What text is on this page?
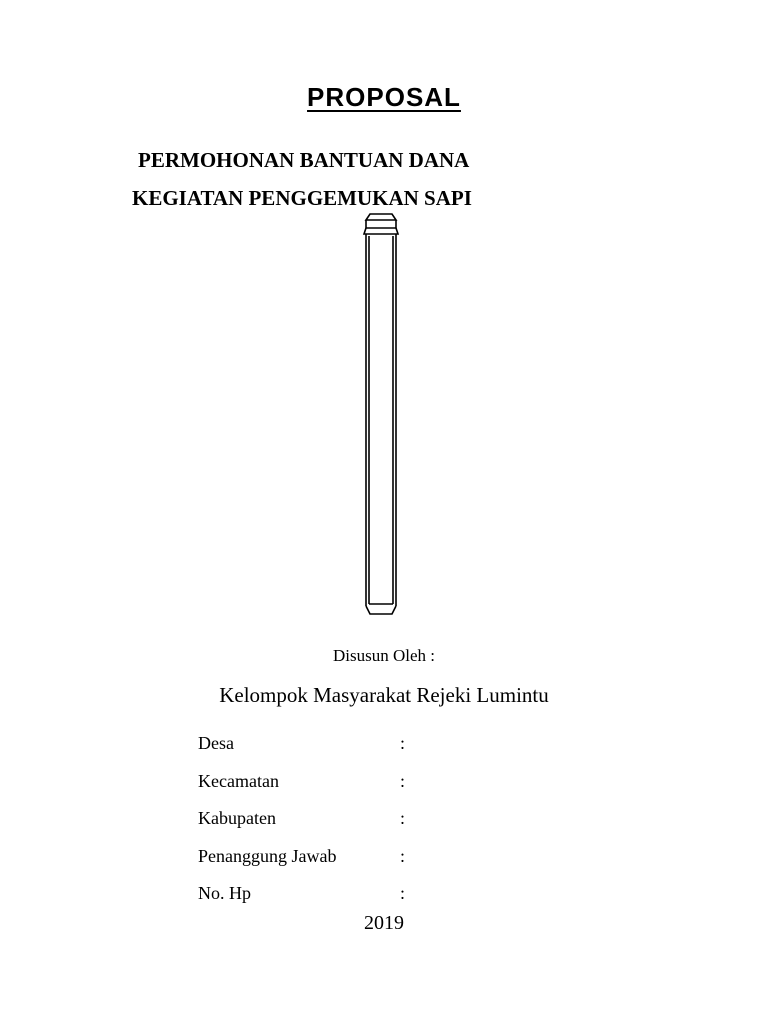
PROPOSAL
PERMOHONAN BANTUAN DANA
KEGIATAN PENGGEMUKAN SAPI
Disusun Oleh :
Kelompok Masyarakat Rejeki Lumintu
Desa	:
Kecamatan	:
Kabupaten	:
Penanggung Jawab	:
No. Hp	:
2019
